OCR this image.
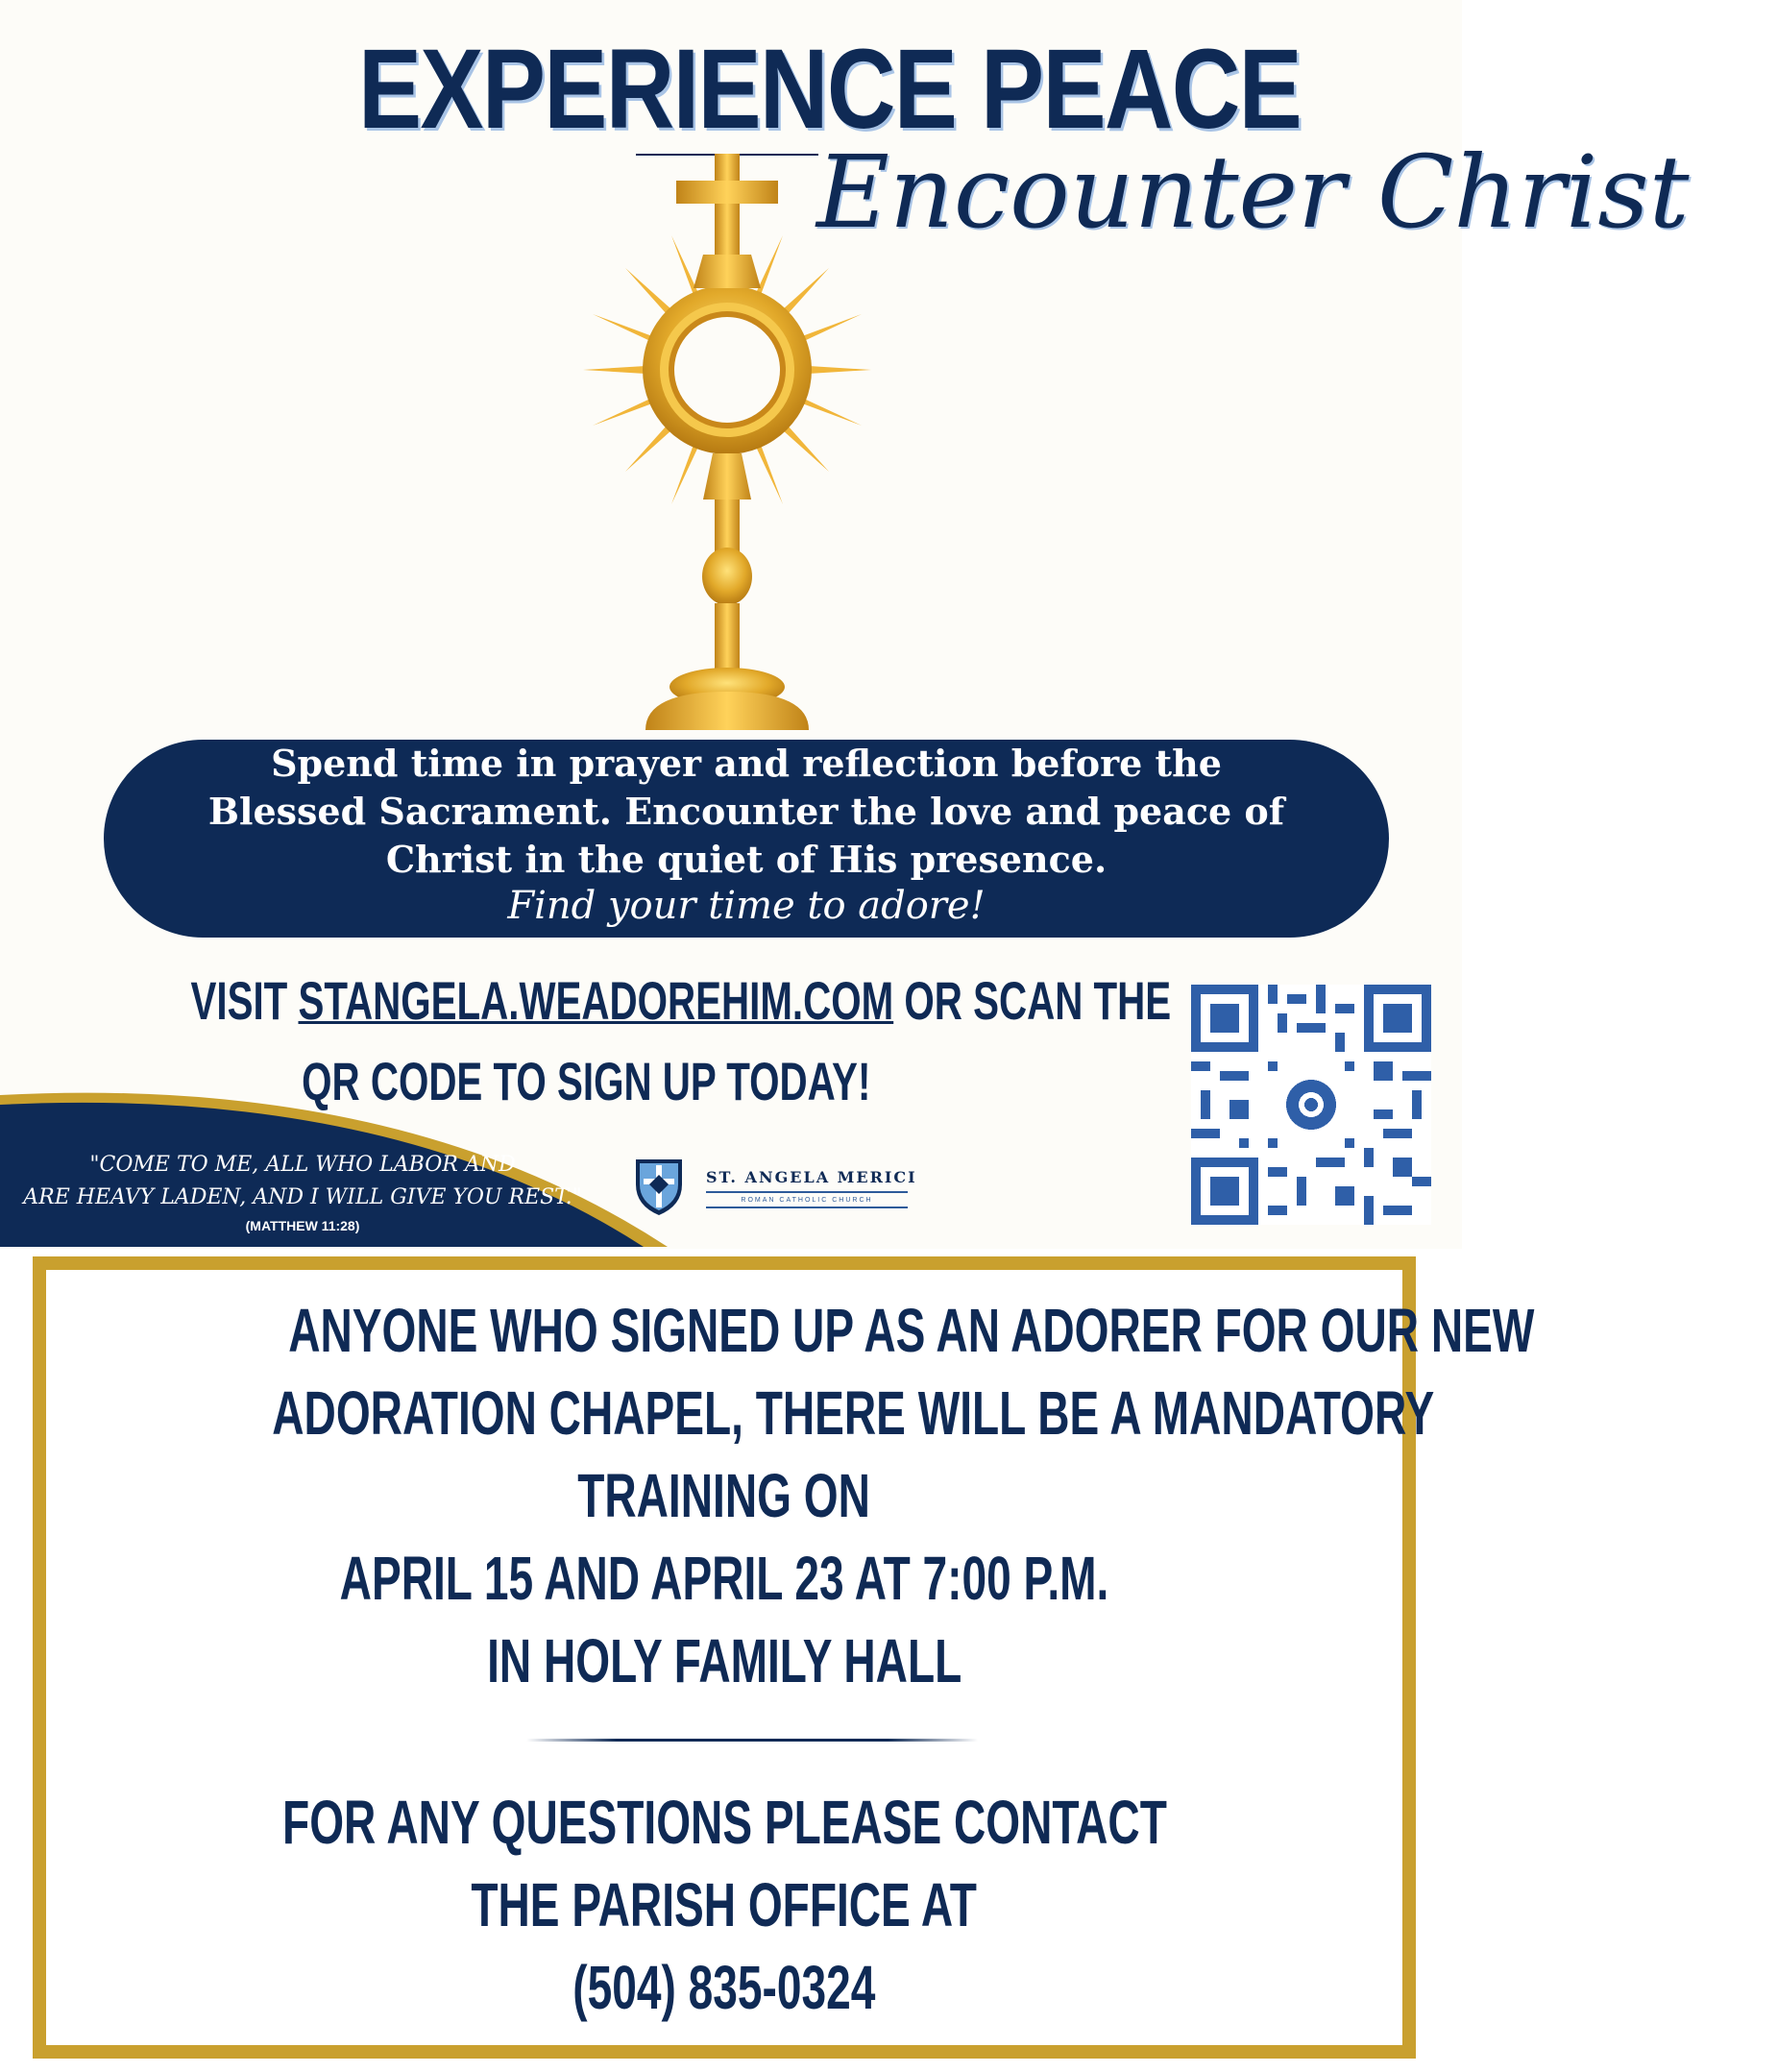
EXPERIENCE PEACE
Encounter Christ
Spend time in prayer and reflection before the
Blessed Sacrament. Encounter the love and peace of
Christ in the quiet of His presence.
Find your time to adore!
VISIT STANGELA.WEADOREHIM.COM OR SCAN THE
QR CODE TO SIGN UP TODAY!
"COME TO ME, ALL WHO LABOR AND
ARE HEAVY LADEN, AND I WILL GIVE YOU REST."
(MATTHEW 11:28)
ST. ANGELA MERICI
ROMAN CATHOLIC CHURCH
ANYONE WHO SIGNED UP AS AN ADORER FOR OUR NEW
ADORATION CHAPEL, THERE WILL BE A MANDATORY
TRAINING ON
APRIL 15 AND APRIL 23 AT 7:00 P.M.
IN HOLY FAMILY HALL
FOR ANY QUESTIONS PLEASE CONTACT
THE PARISH OFFICE AT
(504) 835-0324
